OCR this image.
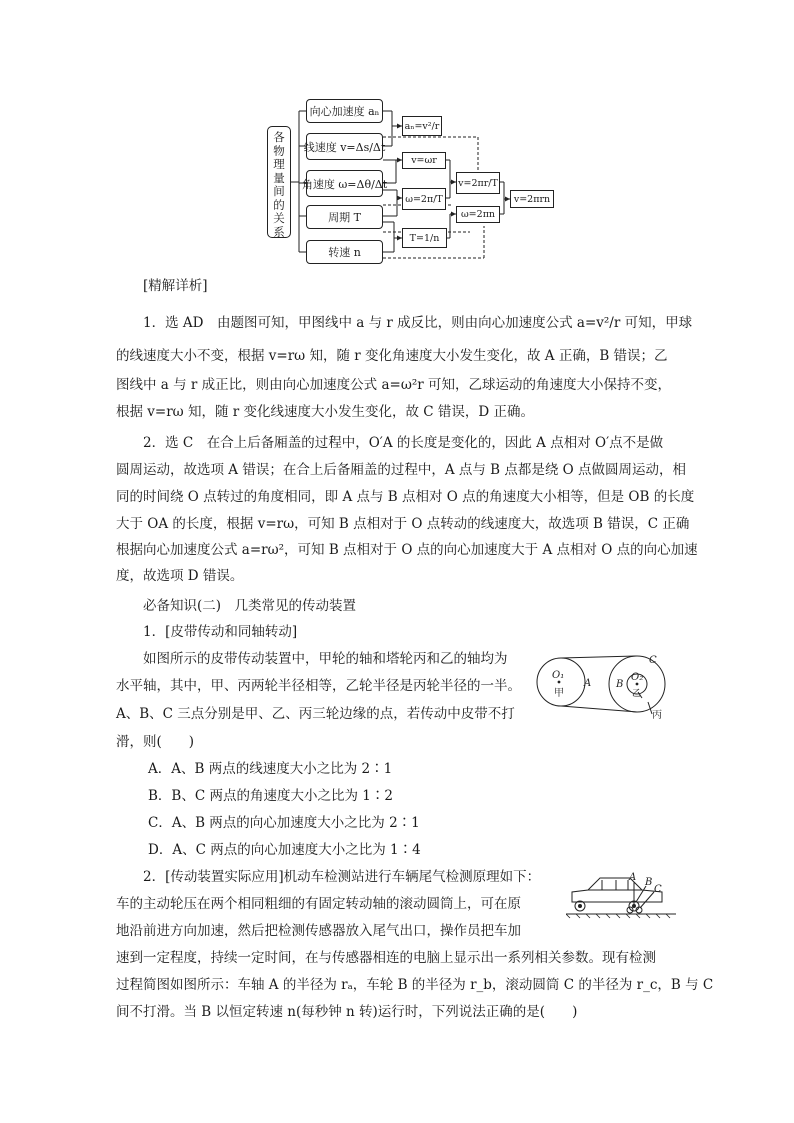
各
物
理
量
间
的
关
系
向心加速度 aₙ
线速度 v=Δs/Δt
角速度 ω=Δθ/Δt
周期 T
转速 n
aₙ=v²/r
v=ωr
ω=2π/T
ω=2πn
T=1/n
v=2πr/T
v=2πrn
[精解详析]
1．选 AD　由题图可知，甲图线中 a 与 r 成反比，则由向心加速度公式 a=v²/r 可知，甲球
的线速度大小不变，根据 v=rω 知，随 r 变化角速度大小发生变化，故 A 正确，B 错误；乙
图线中 a 与 r 成正比，则由向心加速度公式 a=ω²r 可知，乙球运动的角速度大小保持不变，
根据 v=rω 知，随 r 变化线速度大小发生变化，故 C 错误，D 正确。
2．选 C　在合上后备厢盖的过程中，O′A 的长度是变化的，因此 A 点相对 O′点不是做
圆周运动，故选项 A 错误；在合上后备厢盖的过程中，A 点与 B 点都是绕 O 点做圆周运动，相
同的时间绕 O 点转过的角度相同，即 A 点与 B 点相对 O 点的角速度大小相等，但是 OB 的长度
大于 OA 的长度，根据 v=rω，可知 B 点相对于 O 点转动的线速度大，故选项 B 错误，C 正确
根据向心加速度公式 a=rω²，可知 B 点相对于 O 点的向心加速度大于 A 点相对 O 点的向心加速
度，故选项 D 错误。
必备知识(二)　几类常见的传动装置
1．[皮带传动和同轴转动]
如图所示的皮带传动装置中，甲轮的轴和塔轮丙和乙的轴均为
水平轴，其中，甲、丙两轮半径相等，乙轮半径是丙轮半径的一半。
A、B、C 三点分别是甲、乙、丙三轮边缘的点，若传动中皮带不打
滑，则(　　)
A．A、B 两点的线速度大小之比为 2∶1
B．B、C 两点的角速度大小之比为 1∶2
C．A、B 两点的向心加速度大小之比为 2∶1
D．A、C 两点的向心加速度大小之比为 1∶4
O₁
甲
A B
O₂
乙
C
丙
2．[传动装置实际应用]机动车检测站进行车辆尾气检测原理如下：
车的主动轮压在两个相同粗细的有固定转动轴的滚动圆筒上，可在原
地沿前进方向加速，然后把检测传感器放入尾气出口，操作员把车加
速到一定程度，持续一定时间，在与传感器相连的电脑上显示出一系列相关参数。现有检测
过程简图如图所示：车轴 A 的半径为 rₐ，车轮 B 的半径为 r_b，滚动圆筒 C 的半径为 r_c，B 与 C
间不打滑。当 B 以恒定转速 n(每秒钟 n 转)运行时，下列说法正确的是(　　)
A B
C
